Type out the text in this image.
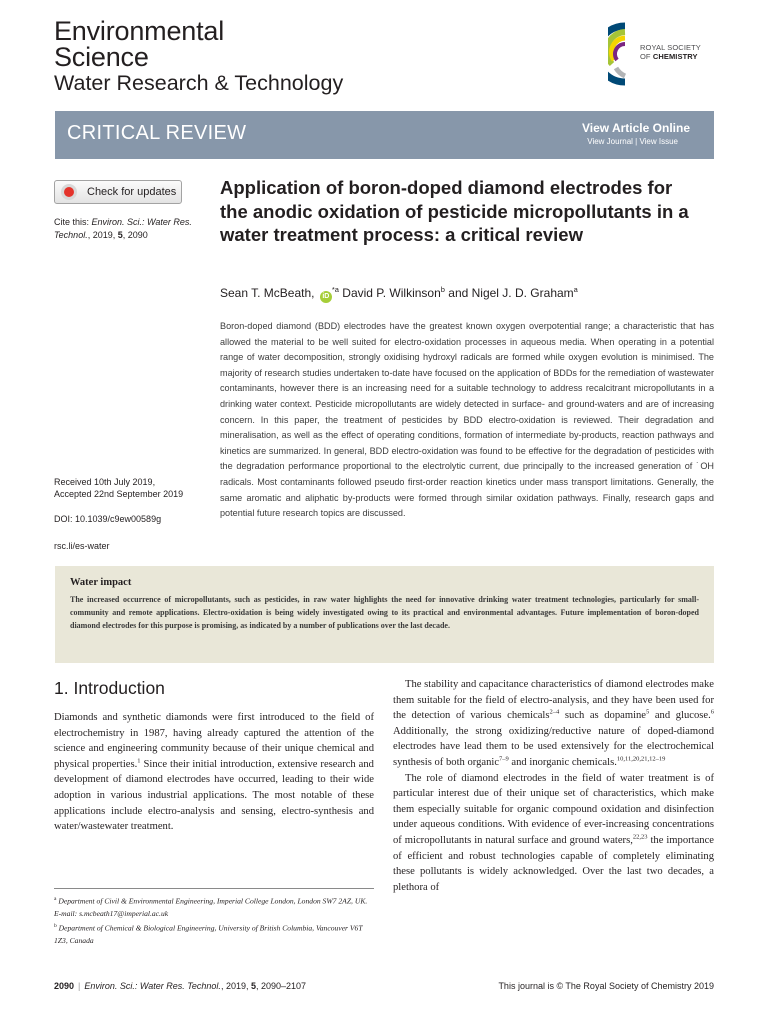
Environmental
Science
Water Research & Technology
ROYAL SOCIETY
OF CHEMISTRY
CRITICAL REVIEW	View Article Online
View Journal | View Issue
Check for updates
Cite this: Environ. Sci.: Water Res. Technol., 2019, 5, 2090
Received 10th July 2019,
Accepted 22nd September 2019
DOI: 10.1039/c9ew00589g
rsc.li/es-water
Application of boron-doped diamond electrodes for the anodic oxidation of pesticide micropollutants in a water treatment process: a critical review
Sean T. McBeath, $iD^{*a}$ David P. Wilkinson$^b$ and Nigel J. D. Graham$^a$
Boron-doped diamond (BDD) electrodes have the greatest known oxygen overpotential range; a characteristic that has allowed the material to be well suited for electro-oxidation processes in aqueous media. When operating in a potential range of water decomposition, strongly oxidising hydroxyl radicals are formed while oxygen evolution is minimised. The majority of research studies undertaken to-date have focused on the application of BDDs for the remediation of wastewater contaminants, however there is an increasing need for a suitable technology to address recalcitrant micropollutants in a drinking water context. Pesticide micropollutants are widely detected in surface- and ground-waters and are of increasing concern. In this paper, the treatment of pesticides by BDD electro-oxidation is reviewed. Their degradation and mineralisation, as well as the effect of operating conditions, formation of intermediate by-products, reaction pathways and kinetics are summarized. In general, BDD electro-oxidation was found to be effective for the degradation of pesticides with the degradation performance proportional to the electrolytic current, due principally to the increased generation of ˙OH radicals. Most contaminants followed pseudo first-order reaction kinetics under mass transport limitations. Generally, the same aromatic and aliphatic by-products were formed through similar oxidation pathways. Finally, research gaps and potential future research topics are discussed.
Water impact
The increased occurrence of micropollutants, such as pesticides, in raw water highlights the need for innovative drinking water treatment technologies, particularly for small-community and remote applications. Electro-oxidation is being widely investigated owing to its practical and environmental advantages. Future implementation of boron-doped diamond electrodes for this purpose is promising, as indicated by a number of publications over the last decade.
1. Introduction

Diamonds and synthetic diamonds were first introduced to the field of electrochemistry in 1987, having already captured the attention of the science and engineering community because of their unique chemical and physical properties.$^1$ Since their initial introduction, extensive research and development of diamond electrodes have occurred, leading to their wide adoption in various industrial applications. The most notable of these applications include electro-analysis and sensing, electro-synthesis and water/wastewater treatment.

The stability and capacitance characteristics of diamond electrodes make them suitable for the field of electro-analysis, and they have been used for the detection of various chemicals$^{2-4}$ such as dopamine$^5$ and glucose.$^6$ Additionally, the strong oxidizing/reductive nature of doped-diamond electrodes have lead them to be used extensively for the electrochemical synthesis of both organic$^{7-9}$ and inorganic chemicals.$^{10,11,20,21,12-19}$

The role of diamond electrodes in the field of water treatment is of particular interest due of their unique set of characteristics, which make them especially suitable for organic compound oxidation and disinfection under aqueous conditions. With evidence of ever-increasing concentrations of micropollutants in natural surface and ground waters,$^{22,23}$ the importance of efficient and robust technologies capable of completely eliminating these pollutants is widely acknowledged. Over the last two decades, a plethora of

$^a$ Department of Civil & Environmental Engineering, Imperial College London, London SW7 2AZ, UK. E-mail: s.mcbeath17@imperial.ac.uk
$^b$ Department of Chemical & Biological Engineering, University of British Columbia, Vancouver V6T 1Z3, Canada
2090 | Environ. Sci.: Water Res. Technol., 2019, 5, 2090–2107	This journal is © The Royal Society of Chemistry 2019
